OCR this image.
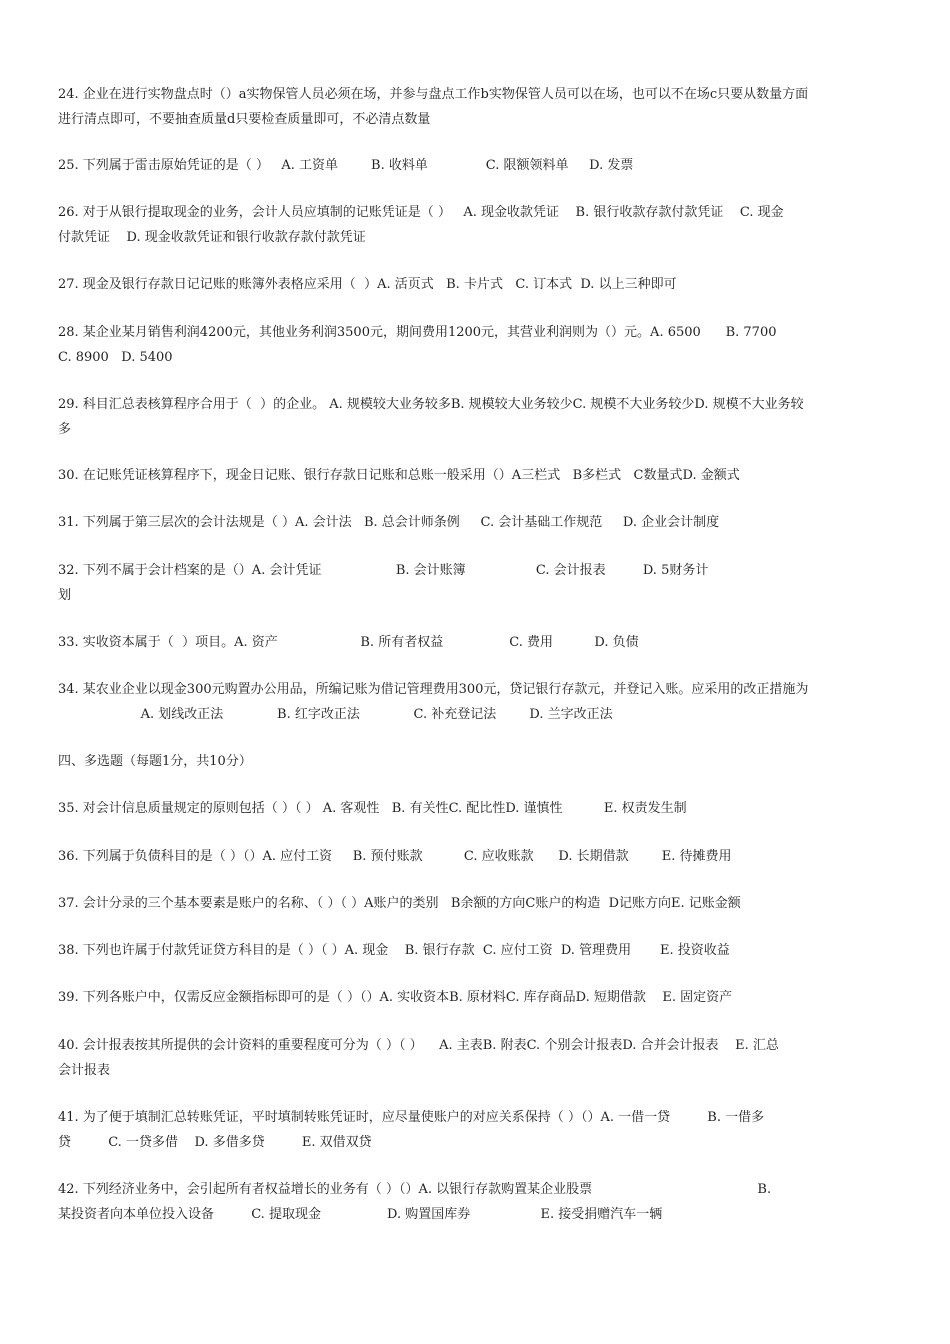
24. 企业在进行实物盘点时（）a实物保管人员必须在场，并参与盘点工作b实物保管人员可以在场，也可以不在场c只要从数量方面
进行清点即可，不要抽查质量d只要检查质量即可，不必清点数量
25. 下列属于雷击原始凭证的是（ ）   A. 工资单        B. 收料单              C. 限额领料单     D. 发票
26. 对于从银行提取现金的业务，会计人员应填制的记账凭证是（ ）   A. 现金收款凭证    B. 银行收款存款付款凭证    C. 现金
付款凭证    D. 现金收款凭证和银行收款存款付款凭证
27. 现金及银行存款日记记账的账簿外表格应采用（  ）A. 活页式   B. 卡片式   C. 订本式  D. 以上三种即可
28. 某企业某月销售利润4200元，其他业务利润3500元，期间费用1200元，其营业利润则为（）元。A. 6500      B. 7700
C. 8900   D. 5400
29. 科目汇总表核算程序合用于（  ）的企业。 A. 规模较大业务较多B. 规模较大业务较少C. 规模不大业务较少D. 规模不大业务较
多
30. 在记账凭证核算程序下，现金日记账、银行存款日记账和总账一般采用（）A三栏式   B多栏式   C数量式D. 金额式
31. 下列属于第三层次的会计法规是（ ）A. 会计法   B. 总会计师条例     C. 会计基础工作规范     D. 企业会计制度
32. 下列不属于会计档案的是（）A. 会计凭证                  B. 会计账簿                 C. 会计报表         D. 5财务计
划
33. 实收资本属于（  ）项目。A. 资产                    B. 所有者权益                C. 费用          D. 负债
34. 某农业企业以现金300元购置办公用品，所编记账为借记管理费用300元，贷记银行存款元，并登记入账。应采用的改正措施为
A. 划线改正法             B. 红字改正法             C. 补充登记法        D. 兰字改正法
四、多选题（每题1分，共10分）
35. 对会计信息质量规定的原则包括（ ）（ ） A. 客观性   B. 有关性C. 配比性D. 谨慎性          E. 权责发生制
36. 下列属于负债科目的是（ ）（）A. 应付工资     B. 预付账款          C. 应收账款      D. 长期借款        E. 待摊费用
37. 会计分录的三个基本要素是账户的名称、（ ）（ ）A账户的类别   B余额的方向C账户的构造  D记账方向E. 记账金额
38. 下列也许属于付款凭证贷方科目的是（ ）（ ）A. 现金    B. 银行存款  C. 应付工资  D. 管理费用       E. 投资收益
39. 下列各账户中，仅需反应金额指标即可的是（ ）（）A. 实收资本B. 原材料C. 库存商品D. 短期借款    E. 固定资产
40. 会计报表按其所提供的会计资料的重要程度可分为（ ）（ ）    A. 主表B. 附表C. 个别会计报表D. 合并会计报表    E. 汇总
会计报表
41. 为了便于填制汇总转账凭证，平时填制转账凭证时，应尽量使账户的对应关系保持（ ）（）A. 一借一贷         B. 一借多
贷         C. 一贷多借    D. 多借多贷         E. 双借双贷
42. 下列经济业务中，会引起所有者权益增长的业务有（ ）（）A. 以银行存款购置某企业股票                                        B.
某投资者向本单位投入设备         C. 提取现金                D. 购置国库券                 E. 接受捐赠汽车一辆
